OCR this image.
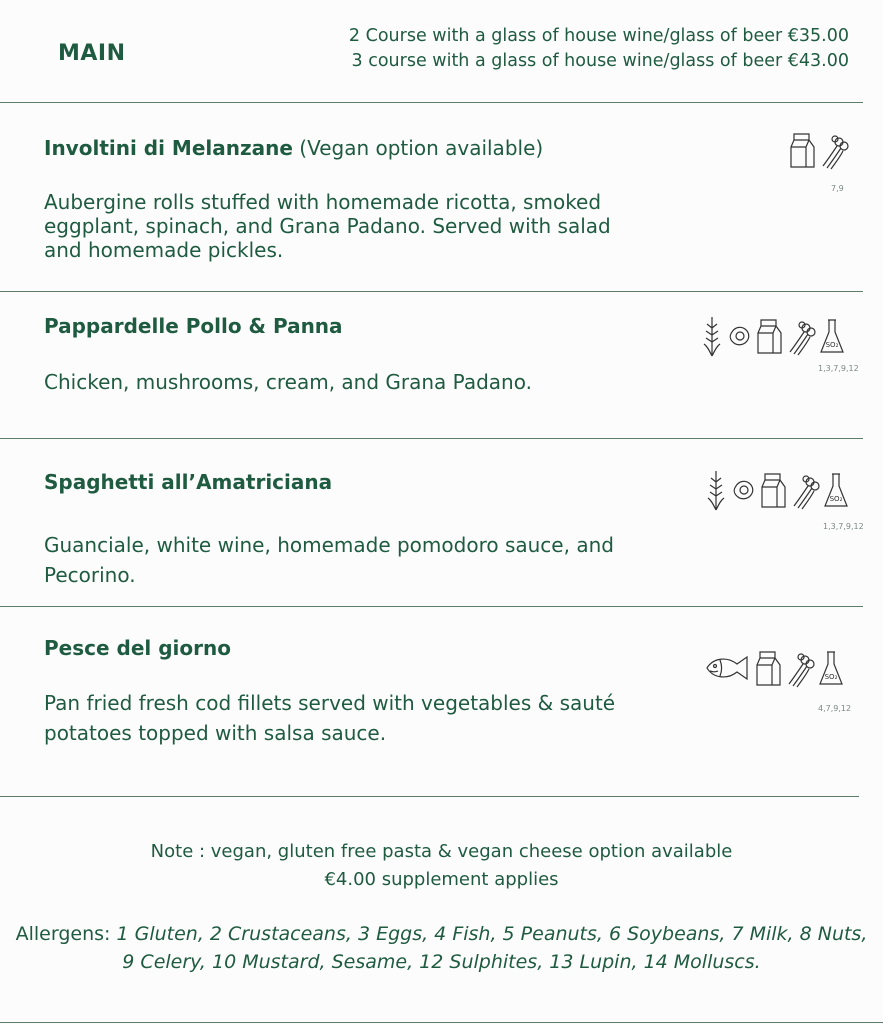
MAIN
2 Course with a glass of house wine/glass of beer €35.00
3 course with a glass of house wine/glass of beer €43.00
Involtini di Melanzane (Vegan option available)
Aubergine rolls stuffed with homemade ricotta, smoked eggplant, spinach, and Grana Padano. Served with salad and homemade pickles.
7,9
Pappardelle Pollo & Panna
Chicken, mushrooms, cream, and Grana Padano.
SO₂
1,3,7,9,12
Spaghetti all’Amatriciana
Guanciale, white wine, homemade pomodoro sauce, and Pecorino.
SO₂
1,3,7,9,12
Pesce del giorno
Pan fried fresh cod fillets served with vegetables & sauté potatoes topped with salsa sauce.
SO₂
4,7,9,12
Note : vegan, gluten free pasta & vegan cheese option available
€4.00 supplement applies
Allergens: 1 Gluten, 2 Crustaceans, 3 Eggs, 4 Fish, 5 Peanuts, 6 Soybeans, 7 Milk, 8 Nuts,
9 Celery, 10 Mustard, Sesame, 12 Sulphites, 13 Lupin, 14 Molluscs.
